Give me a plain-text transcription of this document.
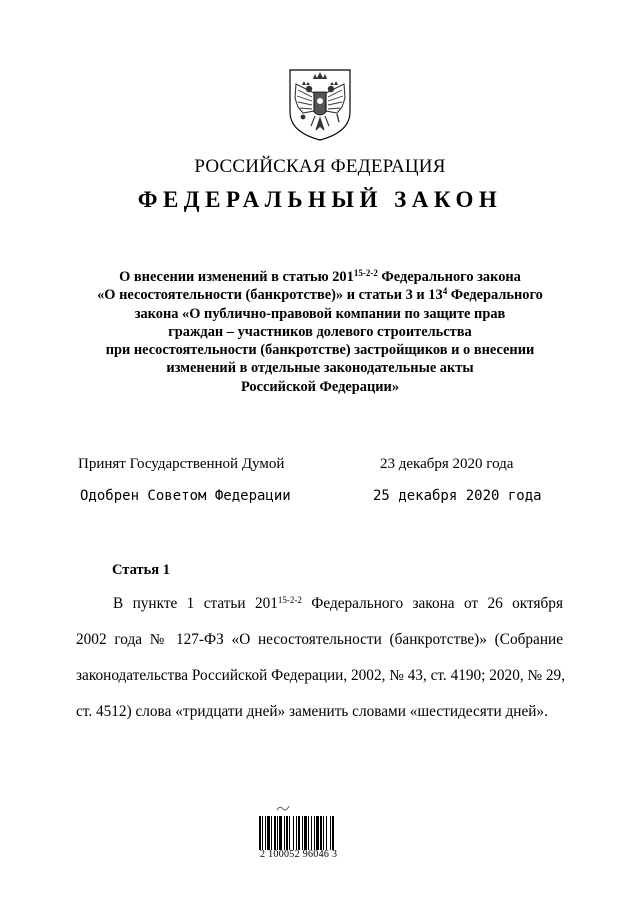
РОССИЙСКАЯ ФЕДЕРАЦИЯ
ФЕДЕРАЛЬНЫЙ ЗАКОН
О внесении изменений в статью 201$^{15-2-2}$ Федерального закона
«О несостоятельности (банкротстве)» и статьи 3 и $13^4$ Федерального
закона «О публично-правовой компании по защите прав
граждан – участников долевого строительства
при несостоятельности (банкротстве) застройщиков и о внесении
изменений в отдельные законодательные акты
Российской Федерации»
Принят Государственной Думой	23 декабря 2020 года
Одобрен Советом Федерации	25 декабря 2020 года
Статья 1
В пункте 1 статьи 201$^{15-2-2}$ Федерального закона от 26 октября
2002 года № 127-ФЗ «О несостоятельности (банкротстве)» (Собрание
законодательства Российской Федерации, 2002, № 43, ст. 4190; 2020, № 29,
ст. 4512) слова «тридцати дней» заменить словами «шестидесяти дней».
2 100052 96046 3
